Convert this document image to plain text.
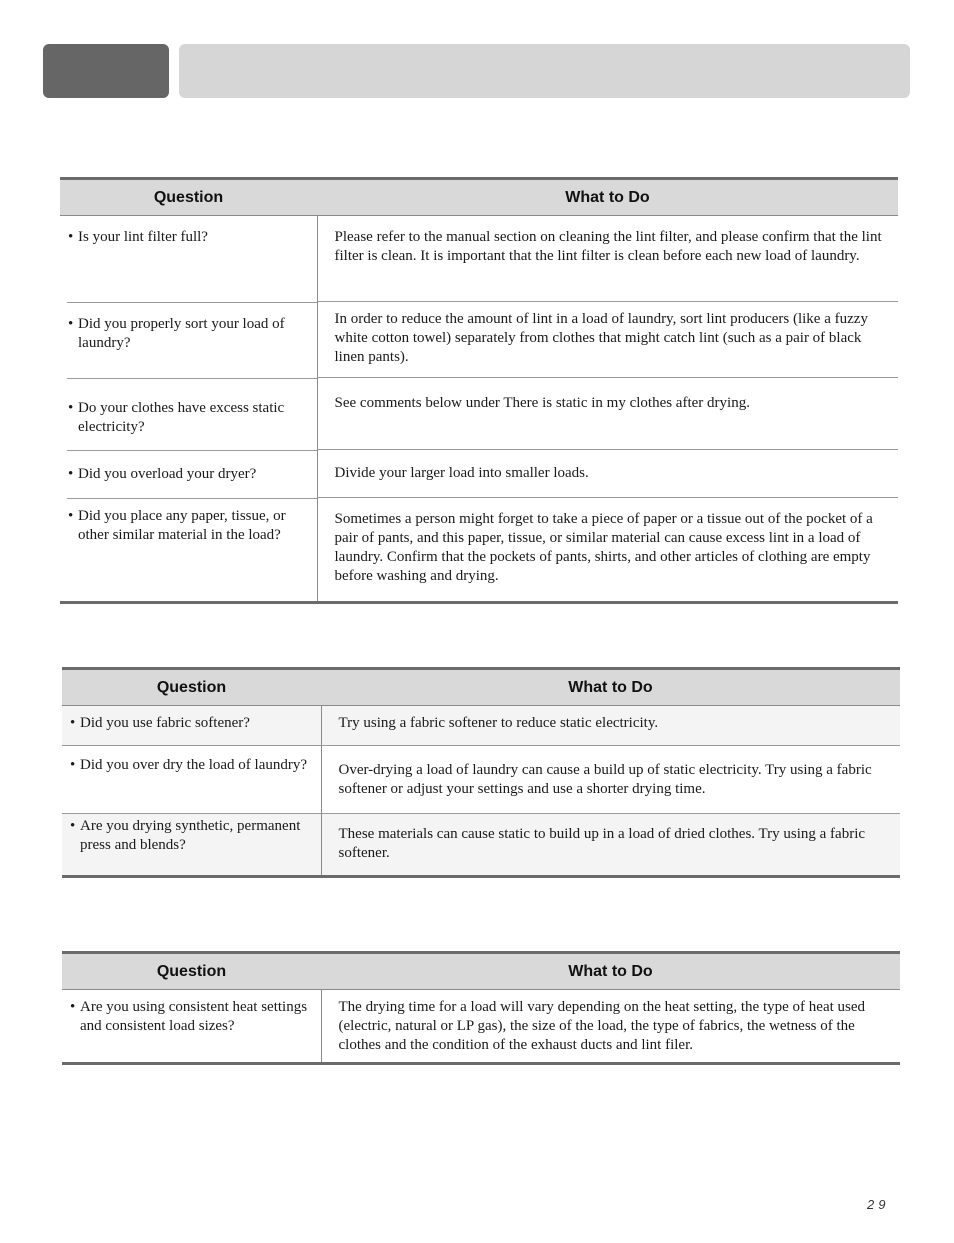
Question	What to Do

• Is your lint filter full?	Please refer to the manual section on cleaning the lint filter, and please confirm that the lint filter is clean. It is important that the lint filter is clean before each new load of laundry.

• Did you properly sort your load of laundry?	In order to reduce the amount of lint in a load of laundry, sort lint producers (like a fuzzy white cotton towel) separately from clothes that might catch lint (such as a pair of black linen pants).

• Do your clothes have excess static electricity?	See comments below under There is static in my clothes after drying.

• Did you overload your dryer?	Divide your larger load into smaller loads.

• Did you place any paper, tissue, or other similar material in the load?	Sometimes a person might forget to take a piece of paper or a tissue out of the pocket of a pair of pants, and this paper, tissue, or similar material can cause excess lint in a load of laundry. Confirm that the pockets of pants, shirts, and other articles of clothing are empty before washing and drying.
Question	What to Do

• Did you use fabric softener?	Try using a fabric softener to reduce static electricity.

• Did you over dry the load of laundry?	Over-drying a load of laundry can cause a build up of static electricity. Try using a fabric softener or adjust your settings and use a shorter drying time.

• Are you drying synthetic, permanent press and blends?	These materials can cause static to build up in a load of dried clothes. Try using a fabric softener.
Question	What to Do

• Are you using consistent heat settings and consistent load sizes?	The drying time for a load will vary depending on the heat setting, the type of heat used (electric, natural or LP gas), the size of the load, the type of fabrics, the wetness of the clothes and the condition of the exhaust ducts and lint filer.
29
